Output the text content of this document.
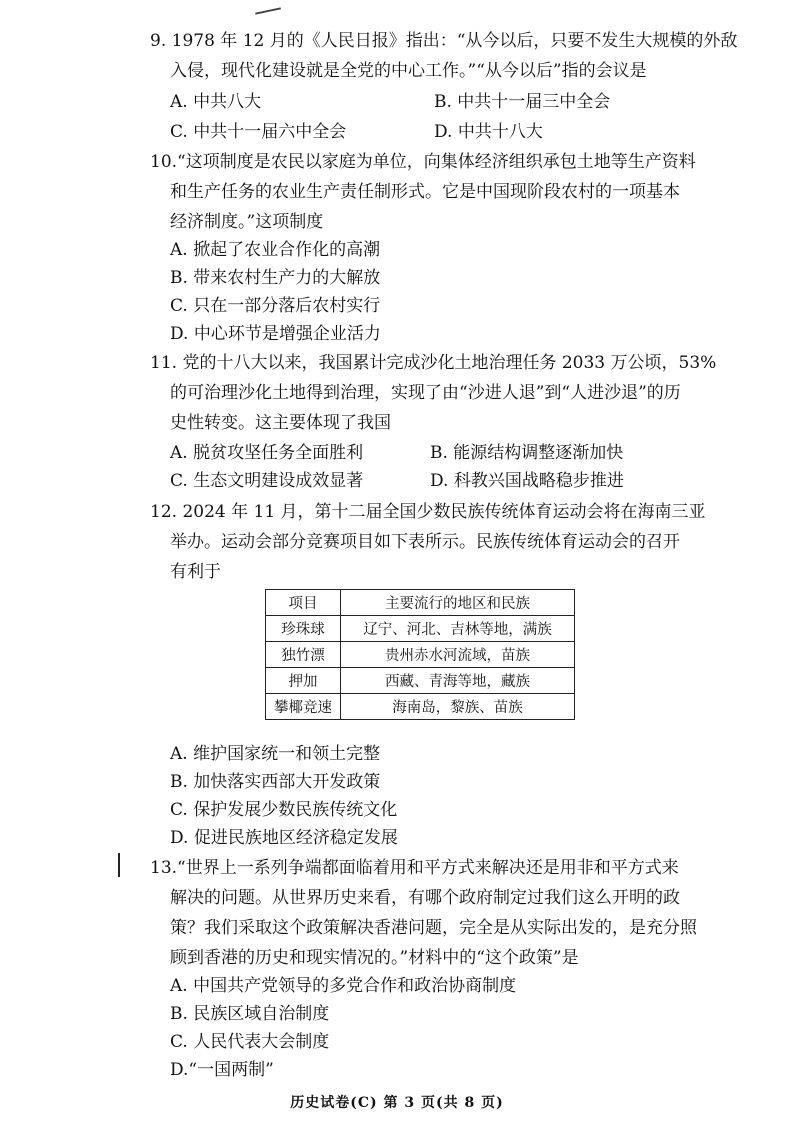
9. 1978 年 12 月的《人民日报》指出：“从今以后，只要不发生大规模的外敌
入侵，现代化建设就是全党的中心工作。”“从今以后”指的会议是
A. 中共八大	B. 中共十一届三中全会
C. 中共十一届六中全会	D. 中共十八大
10.“这项制度是农民以家庭为单位，向集体经济组织承包土地等生产资料
和生产任务的农业生产责任制形式。它是中国现阶段农村的一项基本
经济制度。”这项制度
A. 掀起了农业合作化的高潮
B. 带来农村生产力的大解放
C. 只在一部分落后农村实行
D. 中心环节是增强企业活力
11. 党的十八大以来，我国累计完成沙化土地治理任务 2033 万公顷，53%
的可治理沙化土地得到治理，实现了由“沙进人退”到“人进沙退”的历
史性转变。这主要体现了我国
A. 脱贫攻坚任务全面胜利	B. 能源结构调整逐渐加快
C. 生态文明建设成效显著	D. 科教兴国战略稳步推进
12. 2024 年 11 月，第十二届全国少数民族传统体育运动会将在海南三亚
举办。运动会部分竞赛项目如下表所示。民族传统体育运动会的召开
有利于
项目	主要流行的地区和民族
珍珠球	辽宁、河北、吉林等地，满族
独竹漂	贵州赤水河流域，苗族
押加	西藏、青海等地，藏族
攀椰竞速	海南岛，黎族、苗族
A. 维护国家统一和领土完整
B. 加快落实西部大开发政策
C. 保护发展少数民族传统文化
D. 促进民族地区经济稳定发展
13.“世界上一系列争端都面临着用和平方式来解决还是用非和平方式来
解决的问题。从世界历史来看，有哪个政府制定过我们这么开明的政
策？我们采取这个政策解决香港问题，完全是从实际出发的，是充分照
顾到香港的历史和现实情况的。”材料中的“这个政策”是
A. 中国共产党领导的多党合作和政治协商制度
B. 民族区域自治制度
C. 人民代表大会制度
D.“一国两制”
历史试卷(C) 第 3 页(共 8 页)
